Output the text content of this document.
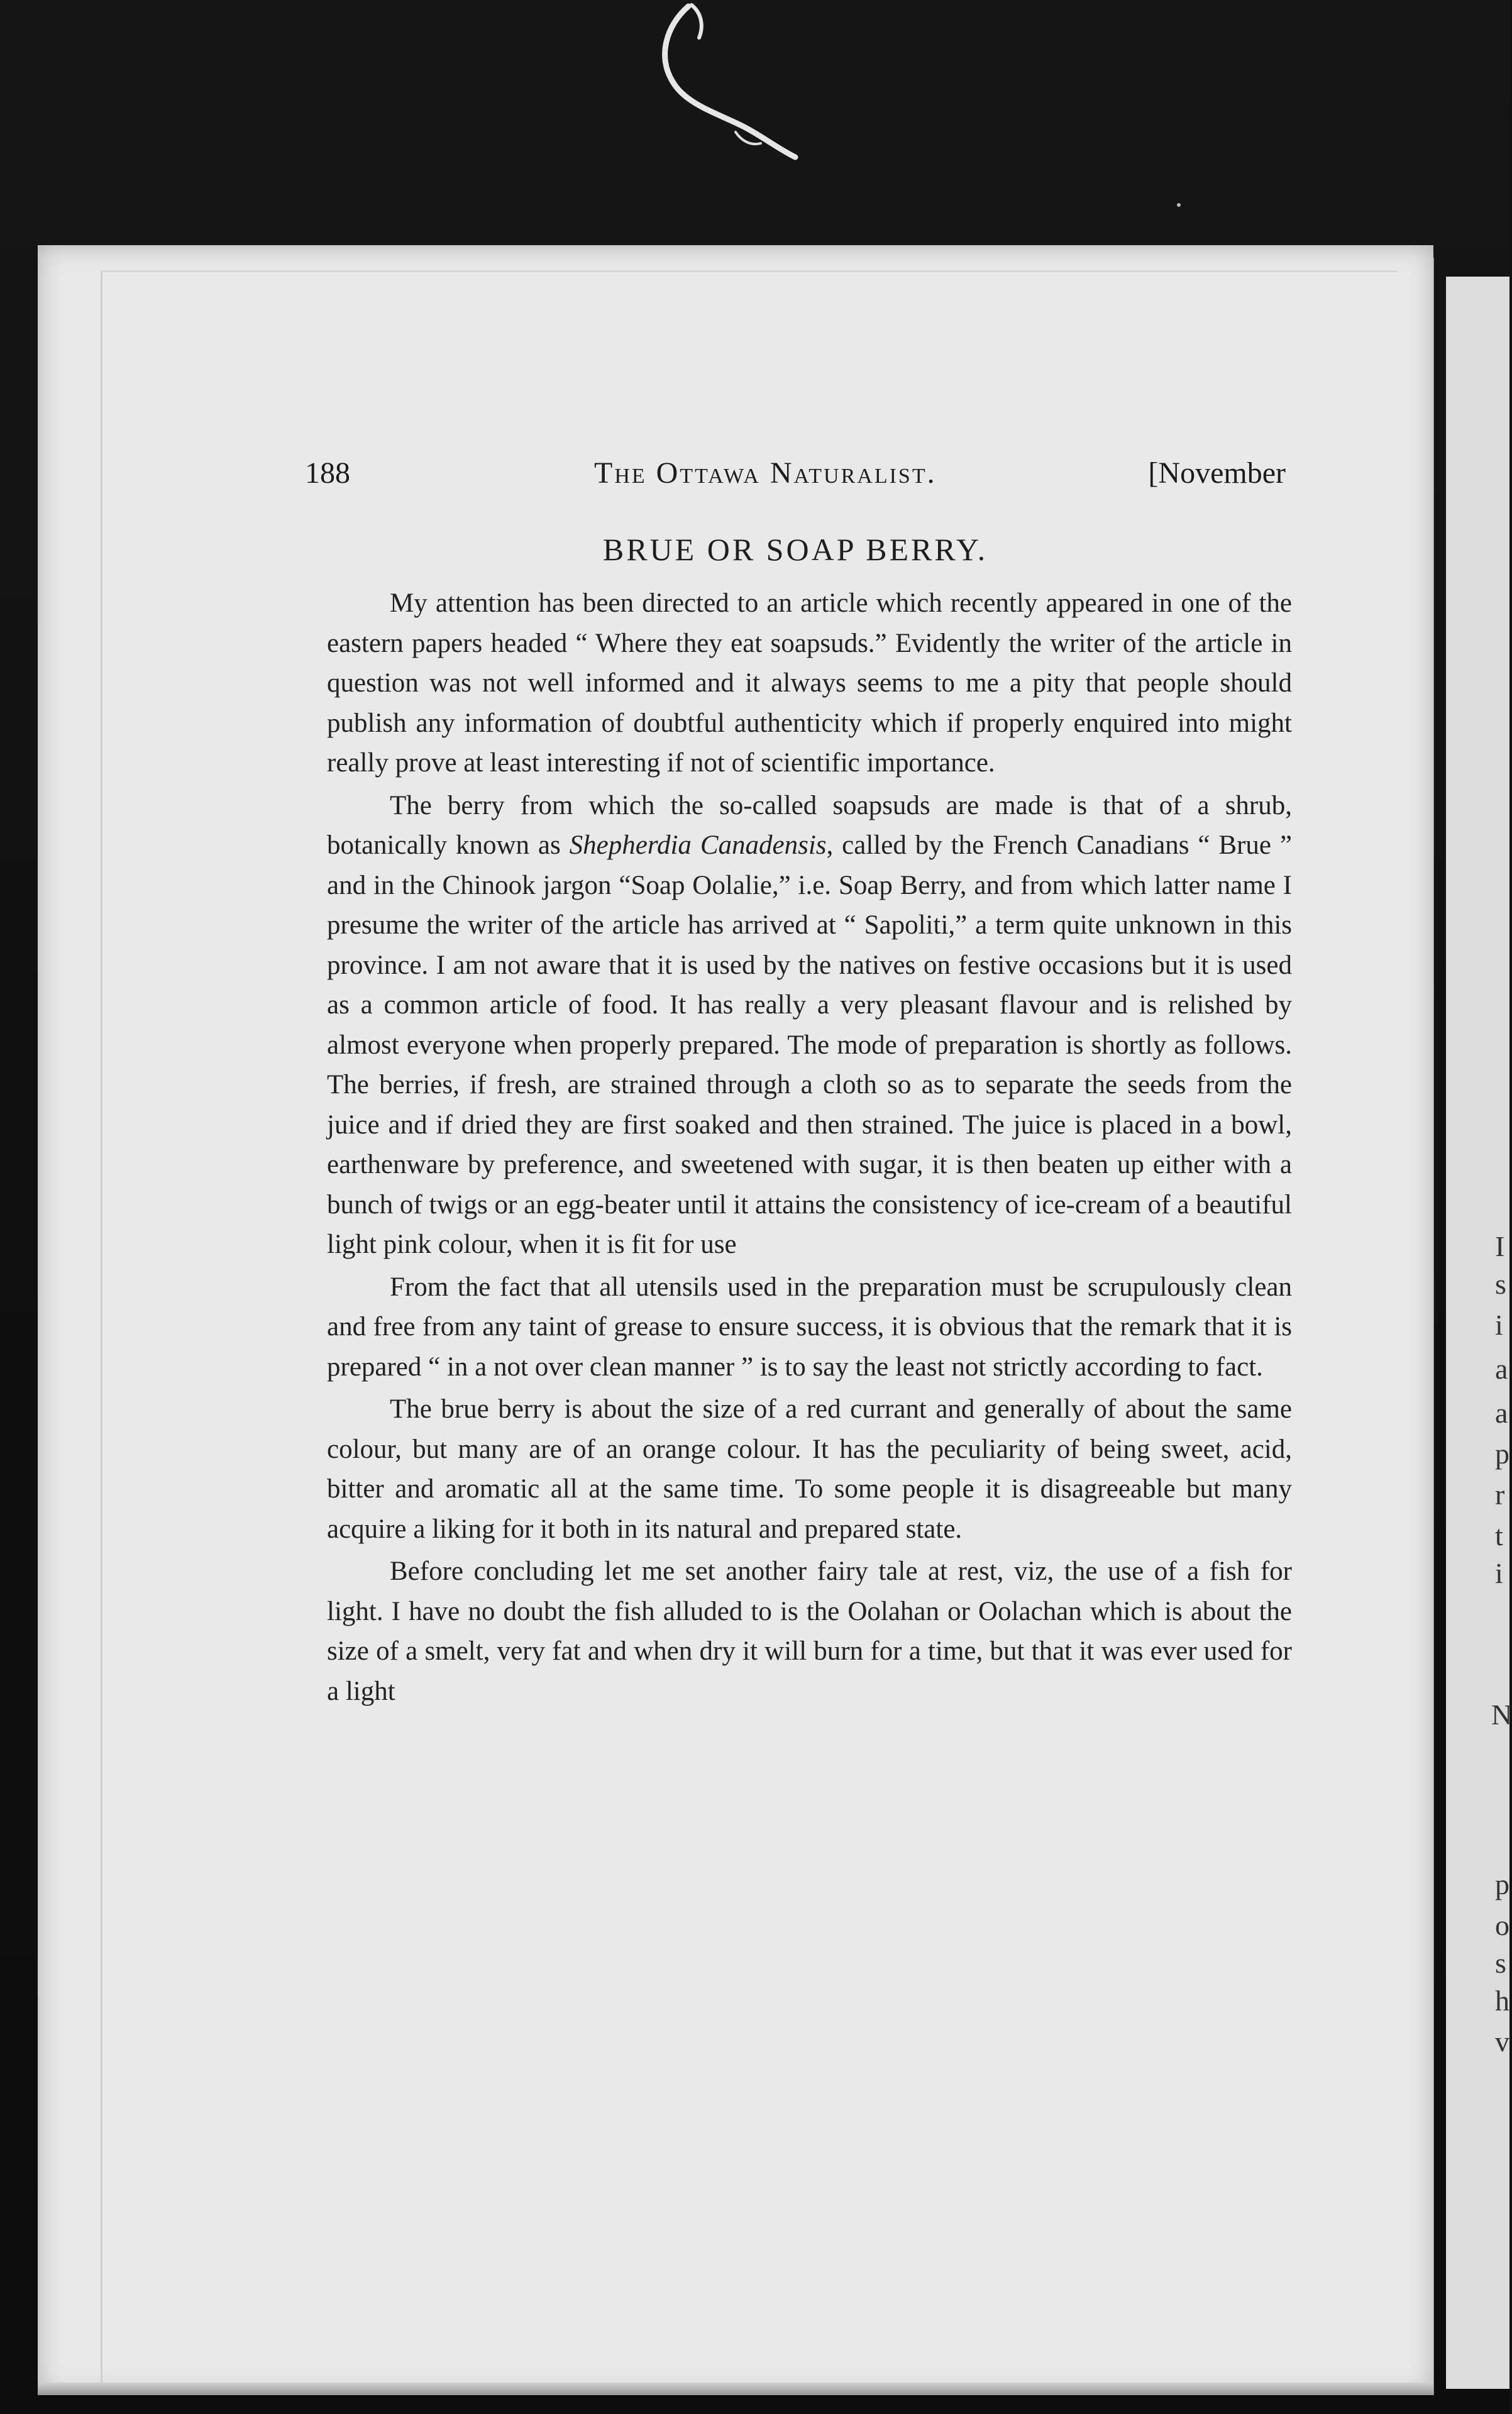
I
s
i
a
a
p
r
t
i
N
p
o
s
h
v
188	The Ottawa Naturalist.	[November
BRUE OR SOAP BERRY.

My attention has been directed to an article which recently appeared in one of the eastern papers headed “ Where they eat soapsuds.” Evidently the writer of the article in question was not well informed and it always seems to me a pity that people should publish any information of doubtful authenticity which if properly enquired into might really prove at least interesting if not of scientific importance.

The berry from which the so-called soapsuds are made is that of a shrub, botanically known as Shepherdia Canadensis, called by the French Canadians “ Brue ” and in the Chinook jargon “Soap Oolalie,” i.e. Soap Berry, and from which latter name I presume the writer of the article has arrived at “ Sapoliti,” a term quite unknown in this province. I am not aware that it is used by the natives on festive occasions but it is used as a common article of food. It has really a very pleasant flavour and is relished by almost everyone when properly prepared. The mode of preparation is shortly as follows. The berries, if fresh, are strained through a cloth so as to separate the seeds from the juice and if dried they are first soaked and then strained. The juice is placed in a bowl, earthenware by preference, and sweetened with sugar, it is then beaten up either with a bunch of twigs or an egg-beater until it attains the consistency of ice-cream of a beautiful light pink colour, when it is fit for use

From the fact that all utensils used in the preparation must be scrupulously clean and free from any taint of grease to ensure success, it is obvious that the remark that it is prepared “ in a not over clean manner ” is to say the least not strictly according to fact.

The brue berry is about the size of a red currant and generally of about the same colour, but many are of an orange colour. It has the peculiarity of being sweet, acid, bitter and aromatic all at the same time. To some people it is disagreeable but many acquire a liking for it both in its natural and prepared state.

Before concluding let me set another fairy tale at rest, viz, the use of a fish for light. I have no doubt the fish alluded to is the Oolahan or Oolachan which is about the size of a smelt, very fat and when dry it will burn for a time, but that it was ever used for a light
